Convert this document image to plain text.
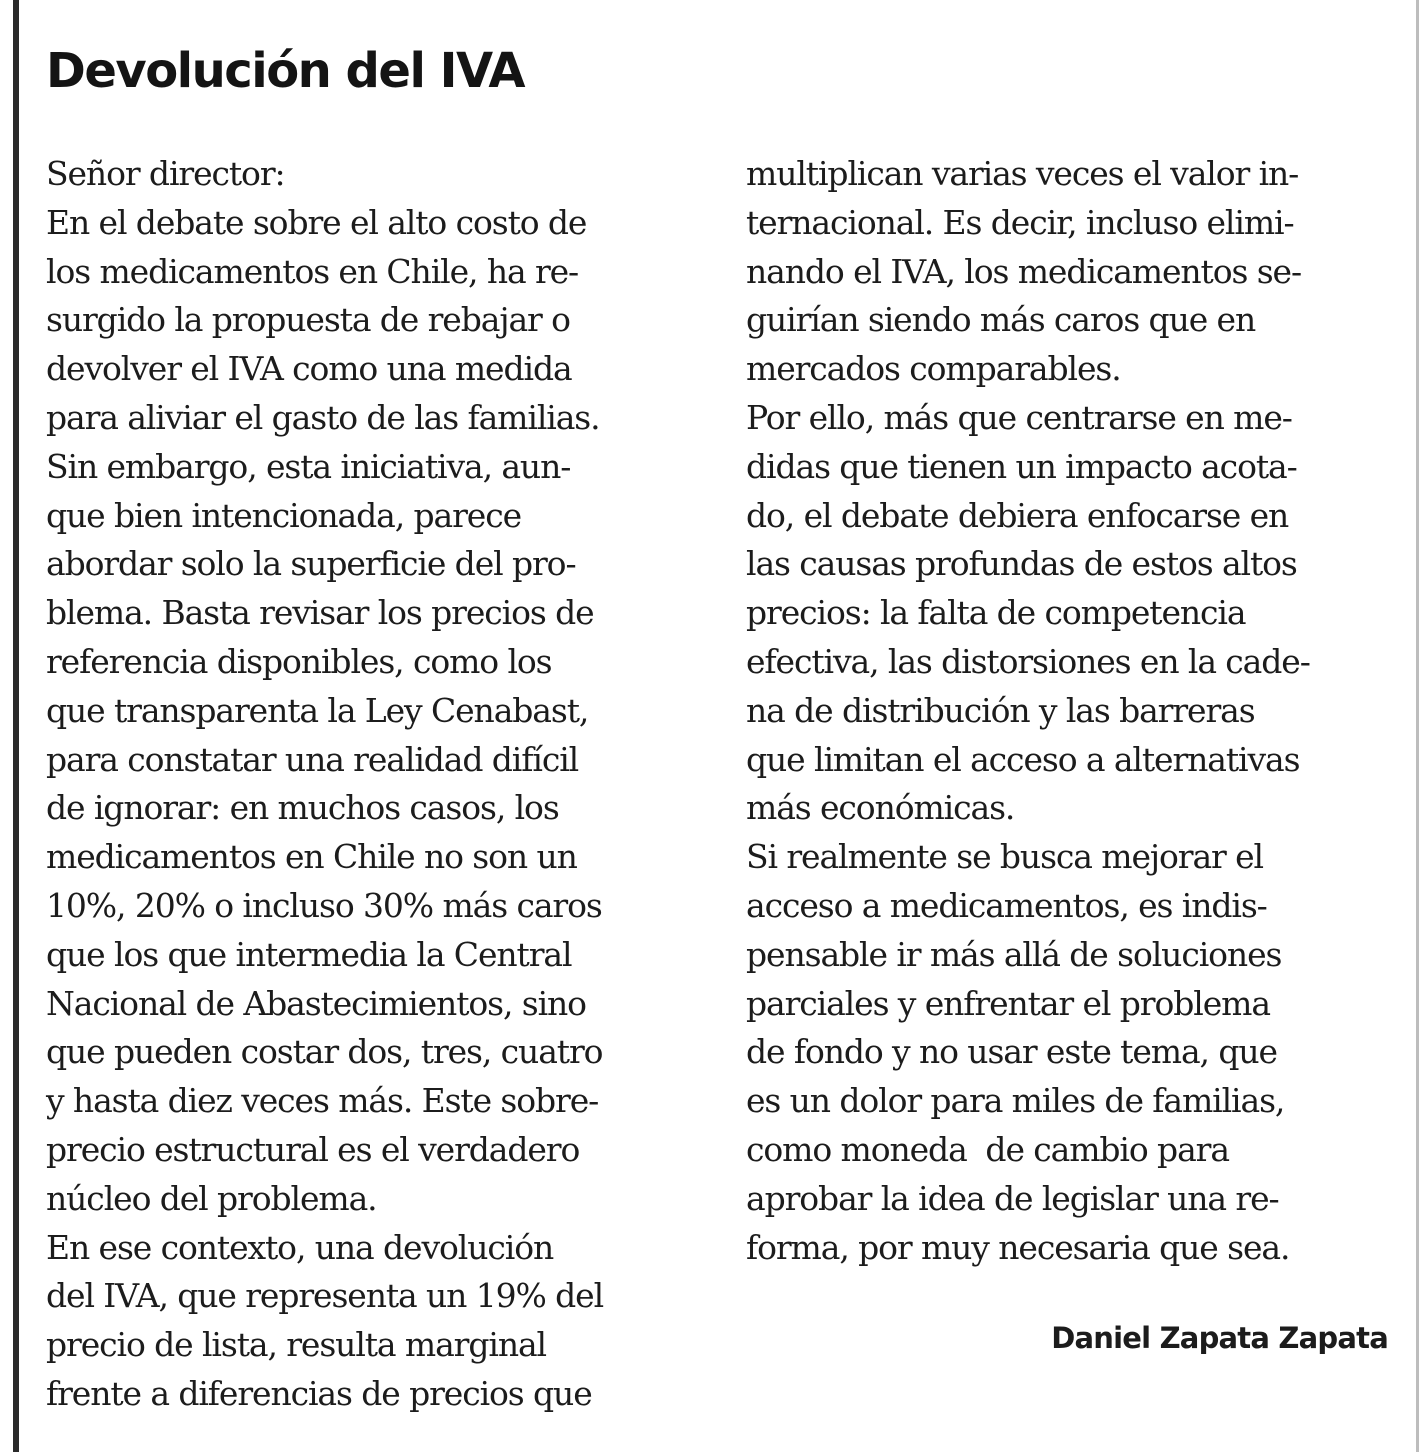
Devolución del IVA
Señor director:
En el debate sobre el alto costo de
los medicamentos en Chile, ha re-
surgido la propuesta de rebajar o
devolver el IVA como una medida
para aliviar el gasto de las familias.
Sin embargo, esta iniciativa, aun-
que bien intencionada, parece
abordar solo la superficie del pro-
blema. Basta revisar los precios de
referencia disponibles, como los
que transparenta la Ley Cenabast,
para constatar una realidad difícil
de ignorar: en muchos casos, los
medicamentos en Chile no son un
10%, 20% o incluso 30% más caros
que los que intermedia la Central
Nacional de Abastecimientos, sino
que pueden costar dos, tres, cuatro
y hasta diez veces más. Este sobre-
precio estructural es el verdadero
núcleo del problema.
En ese contexto, una devolución
del IVA, que representa un 19% del
precio de lista, resulta marginal
frente a diferencias de precios que
multiplican varias veces el valor in-
ternacional. Es decir, incluso elimi-
nando el IVA, los medicamentos se-
guirían siendo más caros que en
mercados comparables.
Por ello, más que centrarse en me-
didas que tienen un impacto acota-
do, el debate debiera enfocarse en
las causas profundas de estos altos
precios: la falta de competencia
efectiva, las distorsiones en la cade-
na de distribución y las barreras
que limitan el acceso a alternativas
más económicas.
Si realmente se busca mejorar el
acceso a medicamentos, es indis-
pensable ir más allá de soluciones
parciales y enfrentar el problema
de fondo y no usar este tema, que
es un dolor para miles de familias,
como moneda  de cambio para
aprobar la idea de legislar una re-
forma, por muy necesaria que sea.
Daniel Zapata Zapata
